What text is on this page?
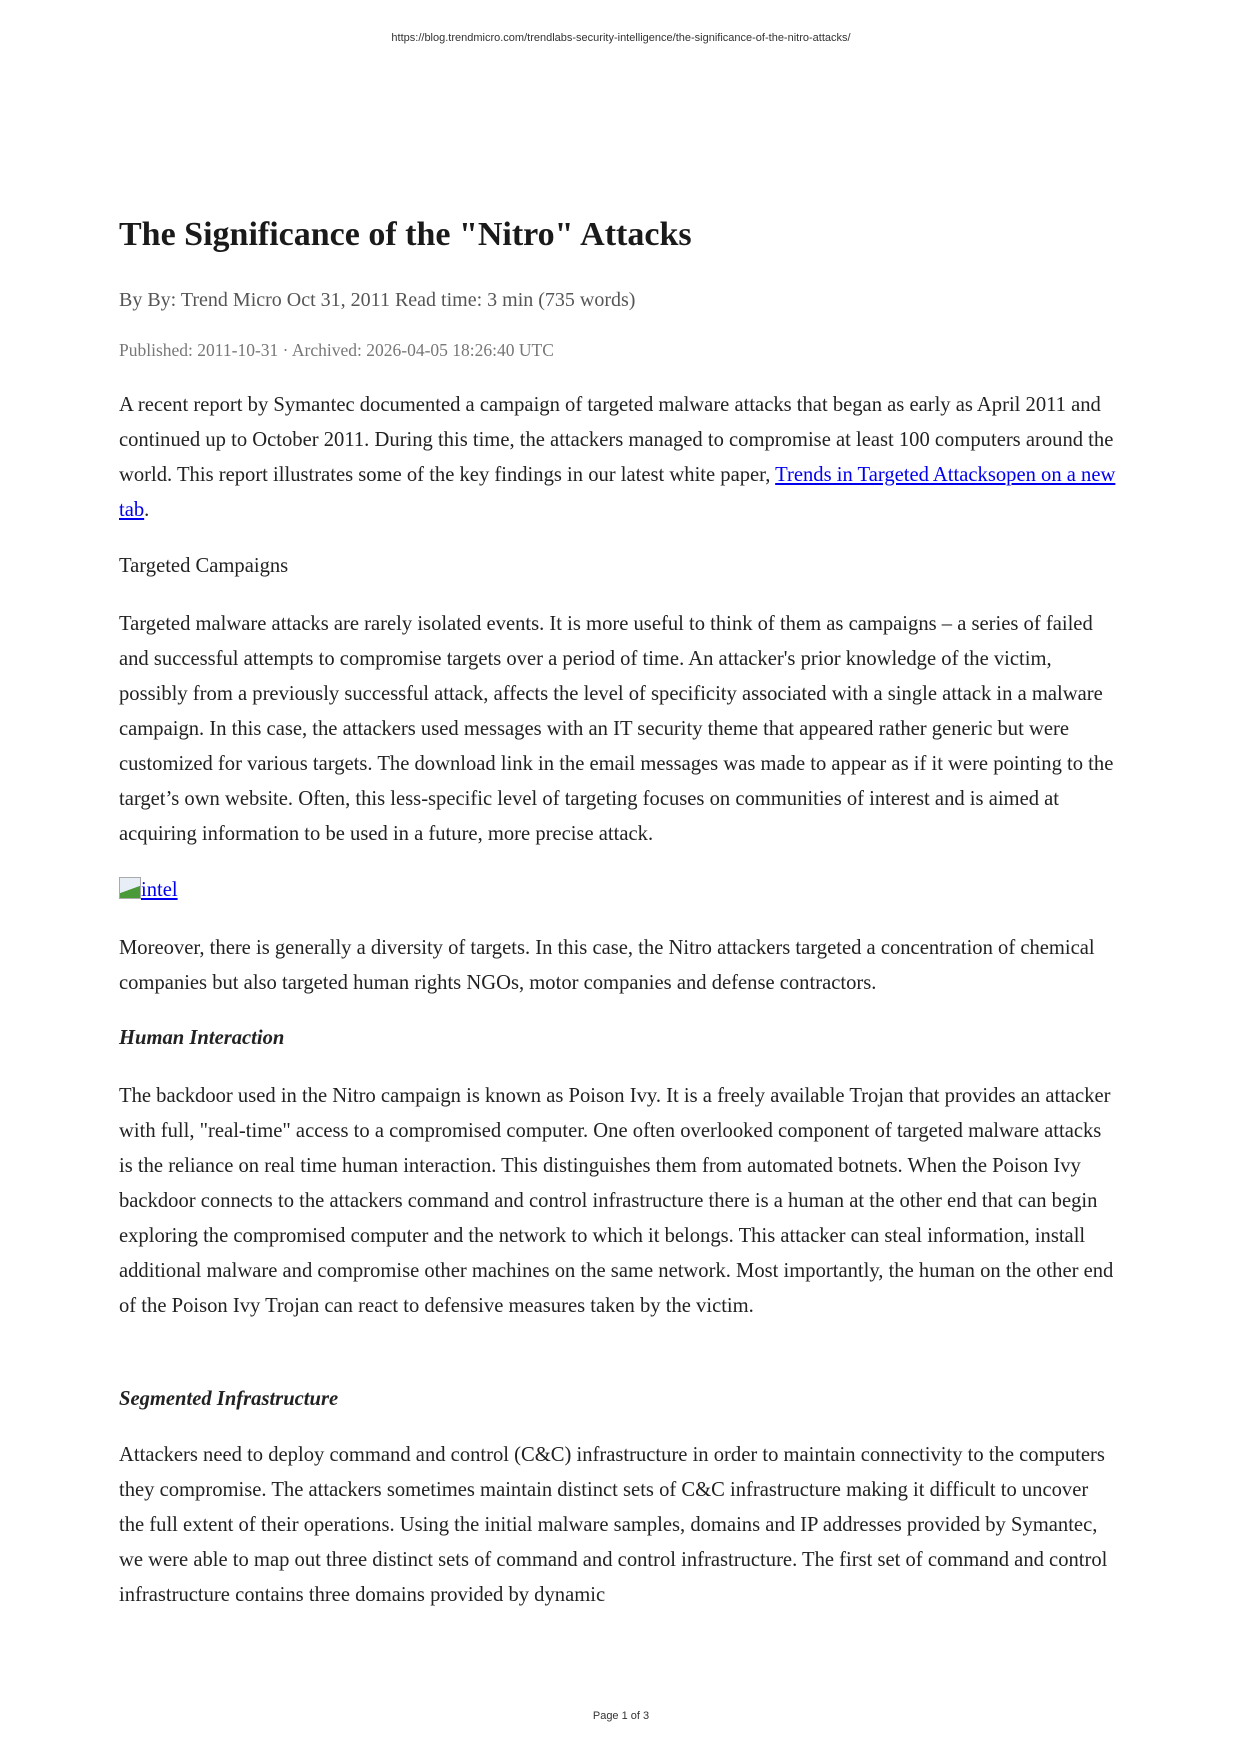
https://blog.trendmicro.com/trendlabs-security-intelligence/the-significance-of-the-nitro-attacks/
The Significance of the "Nitro" Attacks
By By: Trend Micro Oct 31, 2011 Read time: 3 min (735 words)
Published: 2011-10-31 · Archived: 2026-04-05 18:26:40 UTC

A recent report by Symantec documented a campaign of targeted malware attacks that began as early as April 2011 and continued up to October 2011. During this time, the attackers managed to compromise at least 100 computers around the world. This report illustrates some of the key findings in our latest white paper, Trends in Targeted Attacksopen on a new tab.

Targeted Campaigns

Targeted malware attacks are rarely isolated events. It is more useful to think of them as campaigns – a series of failed and successful attempts to compromise targets over a period of time. An attacker's prior knowledge of the victim, possibly from a previously successful attack, affects the level of specificity associated with a single attack in a malware campaign. In this case, the attackers used messages with an IT security theme that appeared rather generic but were customized for various targets. The download link in the email messages was made to appear as if it were pointing to the target’s own website. Often, this less-specific level of targeting focuses on communities of interest and is aimed at acquiring information to be used in a future, more precise attack.

intel

Moreover, there is generally a diversity of targets. In this case, the Nitro attackers targeted a concentration of chemical companies but also targeted human rights NGOs, motor companies and defense contractors.

Human Interaction

The backdoor used in the Nitro campaign is known as Poison Ivy. It is a freely available Trojan that provides an attacker with full, "real-time" access to a compromised computer. One often overlooked component of targeted malware attacks is the reliance on real time human interaction. This distinguishes them from automated botnets. When the Poison Ivy backdoor connects to the attackers command and control infrastructure there is a human at the other end that can begin exploring the compromised computer and the network to which it belongs. This attacker can steal information, install additional malware and compromise other machines on the same network. Most importantly, the human on the other end of the Poison Ivy Trojan can react to defensive measures taken by the victim.

Segmented Infrastructure

Attackers need to deploy command and control (C&C) infrastructure in order to maintain connectivity to the computers they compromise. The attackers sometimes maintain distinct sets of C&C infrastructure making it difficult to uncover the full extent of their operations. Using the initial malware samples, domains and IP addresses provided by Symantec, we were able to map out three distinct sets of command and control infrastructure. The first set of command and control infrastructure contains three domains provided by dynamic

Page 1 of 3
